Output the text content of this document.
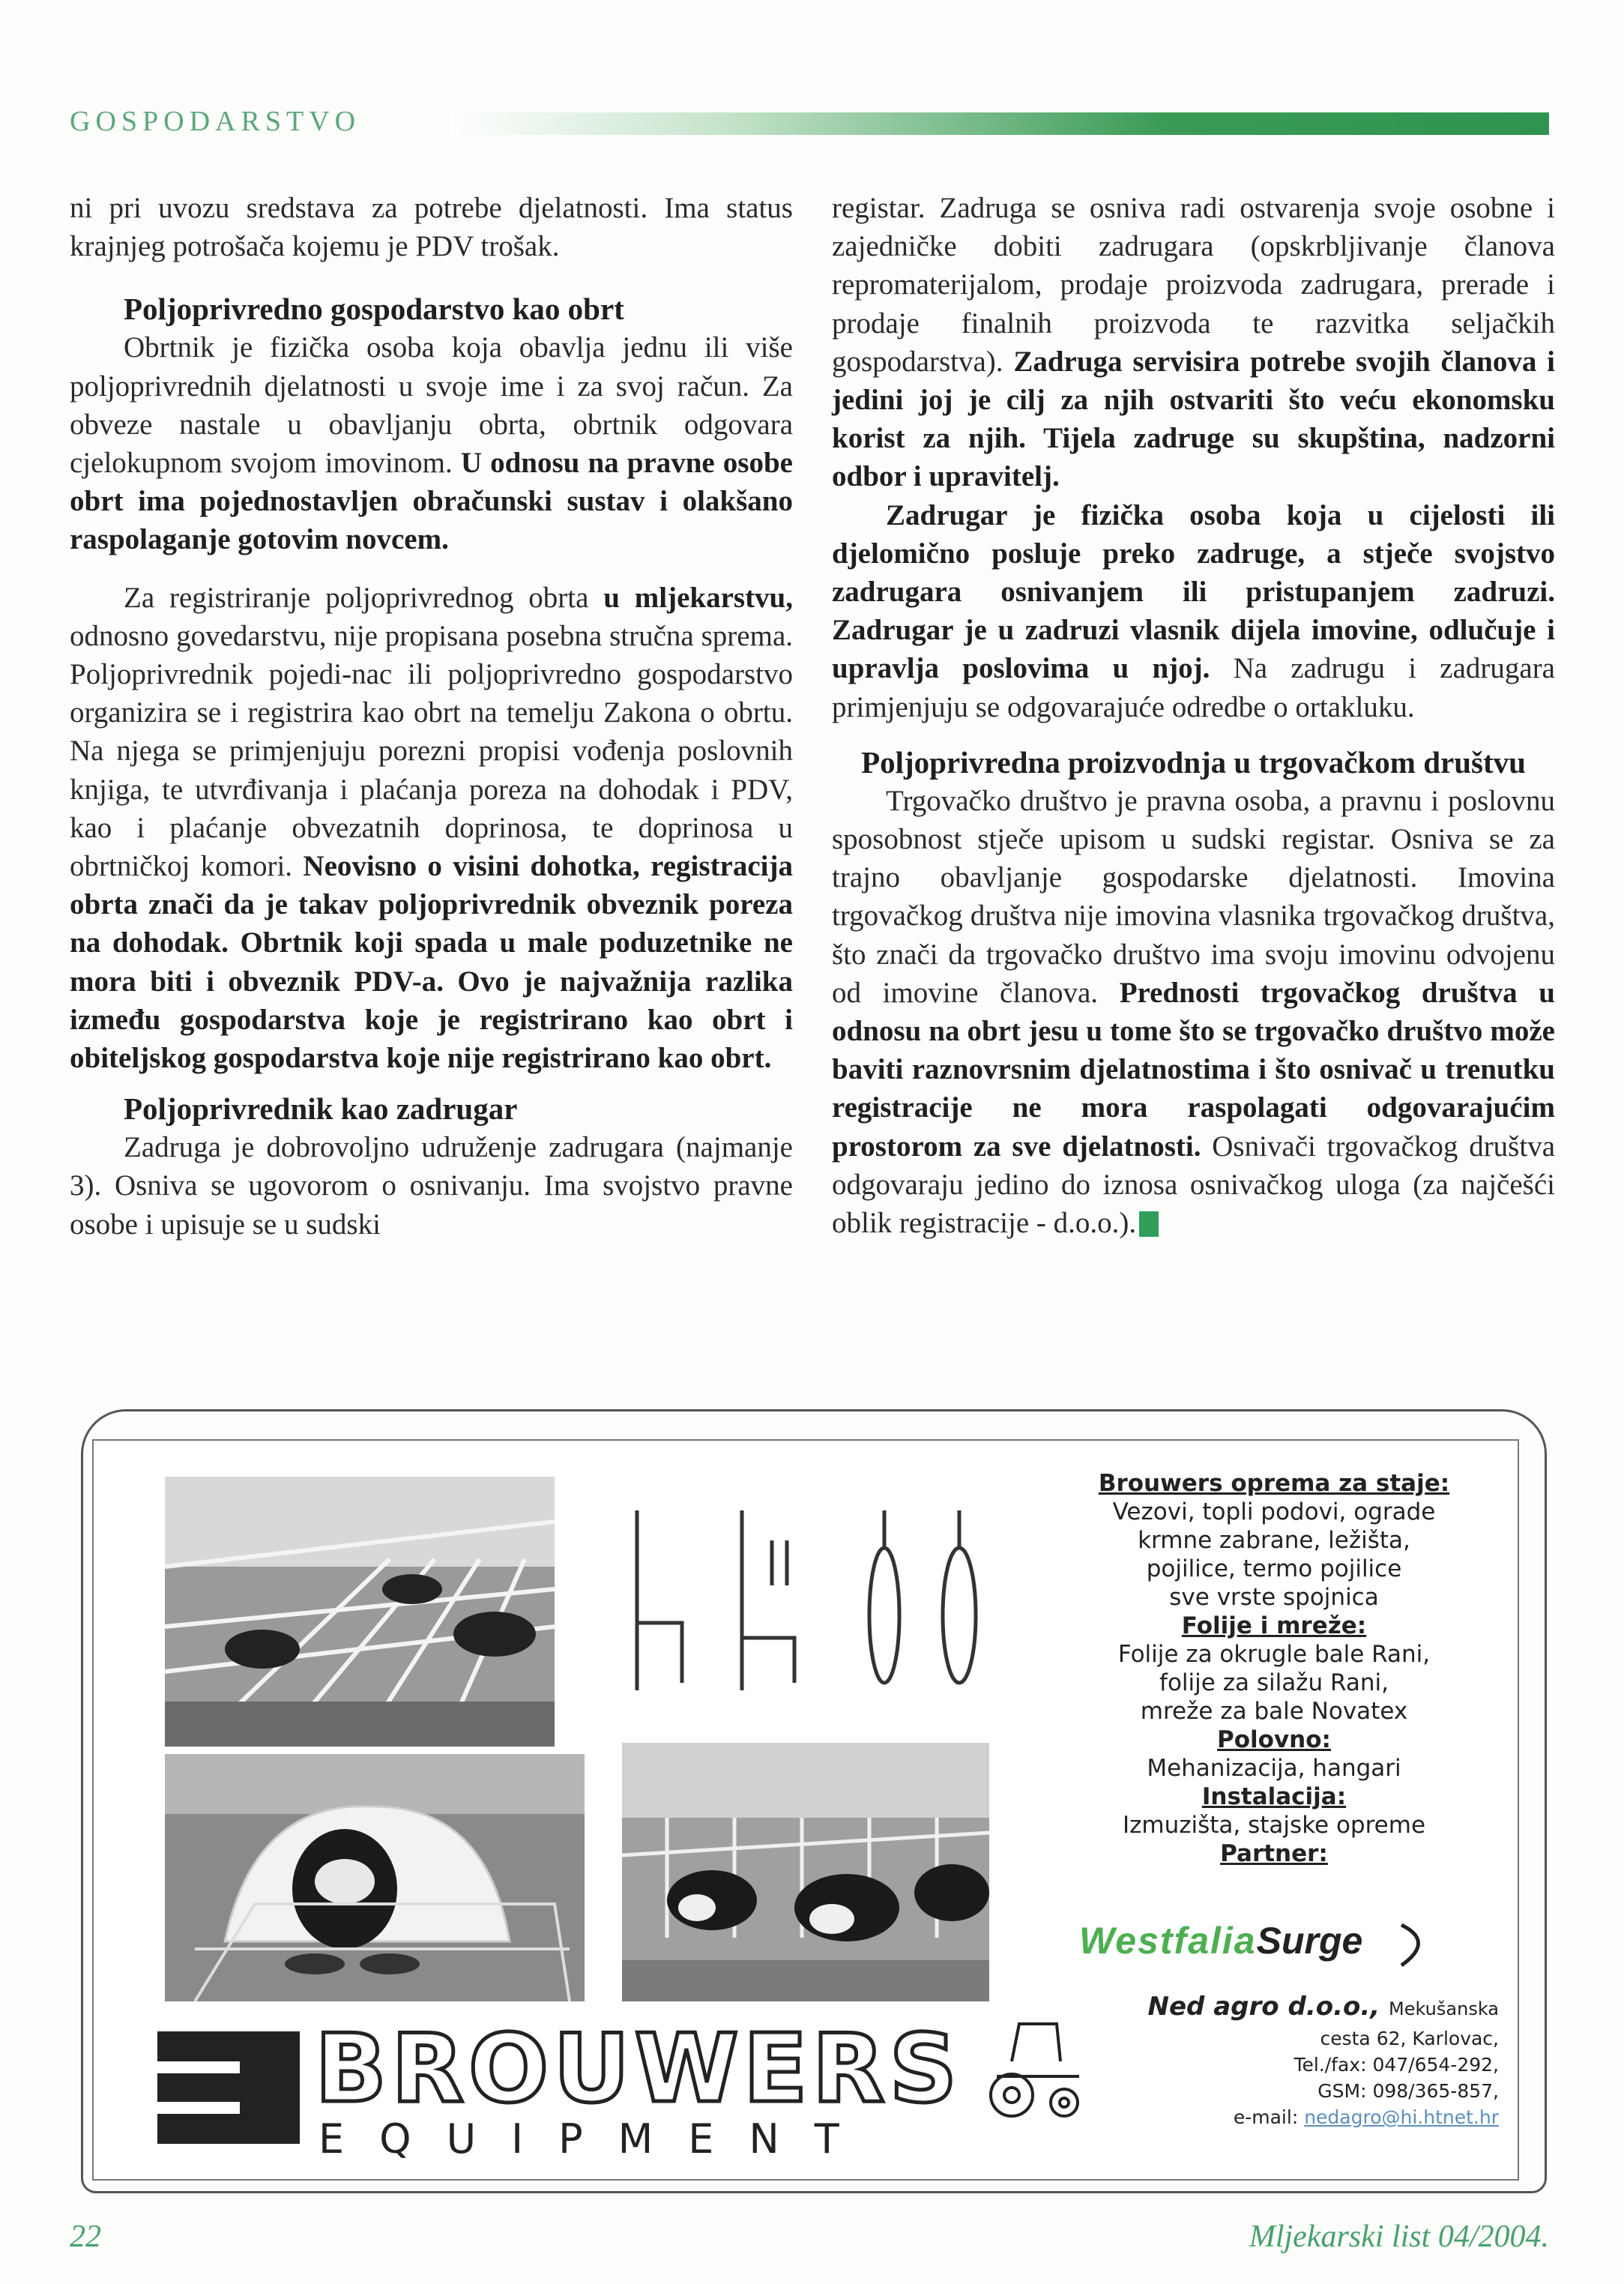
GOSPODARSTVO

ni pri uvozu sredstava za potrebe djelatnosti. Ima status krajnjeg potrošača kojemu je PDV trošak.

Poljoprivredno gospodarstvo kao obrt

Obrtnik je fizička osoba koja obavlja jednu ili više poljoprivrednih djelatnosti u svoje ime i za svoj račun. Za obveze nastale u obavljanju obrta, obrtnik odgovara cjelokupnom svojom imovinom. U odnosu na pravne osobe obrt ima pojednostavljen obračunski sustav i olakšano raspolaganje gotovim novcem.

Za registriranje poljoprivrednog obrta u mljekarstvu, odnosno govedarstvu, nije propisana posebna stručna sprema. Poljoprivrednik pojedi-nac ili poljoprivredno gospodarstvo organizira se i registrira kao obrt na temelju Zakona o obrtu. Na njega se primjenjuju porezni propisi vođenja poslovnih knjiga, te utvrđivanja i plaćanja poreza na dohodak i PDV, kao i plaćanje obvezatnih doprinosa, te doprinosa u obrtničkoj komori. Neovisno o visini dohotka, registracija obrta znači da je takav poljoprivrednik obveznik poreza na dohodak. Obrtnik koji spada u male poduzetnike ne mora biti i obveznik PDV-a. Ovo je najvažnija razlika između gospodarstva koje je registrirano kao obrt i obiteljskog gospodarstva koje nije registrirano kao obrt.

Poljoprivrednik kao zadrugar

Zadruga je dobrovoljno udruženje zadrugara (najmanje 3). Osniva se ugovorom o osnivanju. Ima svojstvo pravne osobe i upisuje se u sudski

registar. Zadruga se osniva radi ostvarenja svoje osobne i zajedničke dobiti zadrugara (opskrbljivanje članova repromaterijalom, prodaje proizvoda zadrugara, prerade i prodaje finalnih proizvoda te razvitka seljačkih gospodarstva). Zadruga servisira potrebe svojih članova i jedini joj je cilj za njih ostvariti što veću ekonomsku korist za njih. Tijela zadruge su skupština, nadzorni odbor i upravitelj.

Zadrugar je fizička osoba koja u cijelosti ili djelomično posluje preko zadruge, a stječe svojstvo zadrugara osnivanjem ili pristupanjem zadruzi. Zadrugar je u zadruzi vlasnik dijela imovine, odlučuje i upravlja poslovima u njoj. Na zadrugu i zadrugara primjenjuju se odgovarajuće odredbe o ortakluku.

Poljoprivredna proizvodnja u trgovačkom društvu

Trgovačko društvo je pravna osoba, a pravnu i poslovnu sposobnost stječe upisom u sudski registar. Osniva se za trajno obavljanje gospodarske djelatnosti. Imovina trgovačkog društva nije imovina vlasnika trgovačkog društva, što znači da trgovačko društvo ima svoju imovinu odvojenu od imovine članova. Prednosti trgovačkog društva u odnosu na obrt jesu u tome što se trgovačko društvo može baviti raznovrsnim djelatnostima i što osnivač u trenutku registracije ne mora raspolagati odgovarajućim prostorom za sve djelatnosti. Osnivači trgovačkog društva odgovaraju jedino do iznosa osnivačkog uloga (za najčešći oblik registracije - d.o.o.).

Brouwers oprema za staje:

Vezovi, topli podovi, ograde

krmne zabrane, ležišta,

pojilice, termo pojilice

sve vrste spojnica

Folije i mreže:

Folije za okrugle bale Rani,

folije za silažu Rani,

mreže za bale Novatex

Polovno:

Mehanizacija, hangari

Instalacija:

Izmuzišta, stajske opreme

Partner:

WestfaliaSurge
Ned agro d.o.o., Mekušanska
cesta 62, Karlovac,
Tel./fax: 047/654-292,
GSM: 098/365-857,
e-mail: nedagro@hi.htnet.hr
BROUWERS
EQUIPMENT
22	Mljekarski list 04/2004.
